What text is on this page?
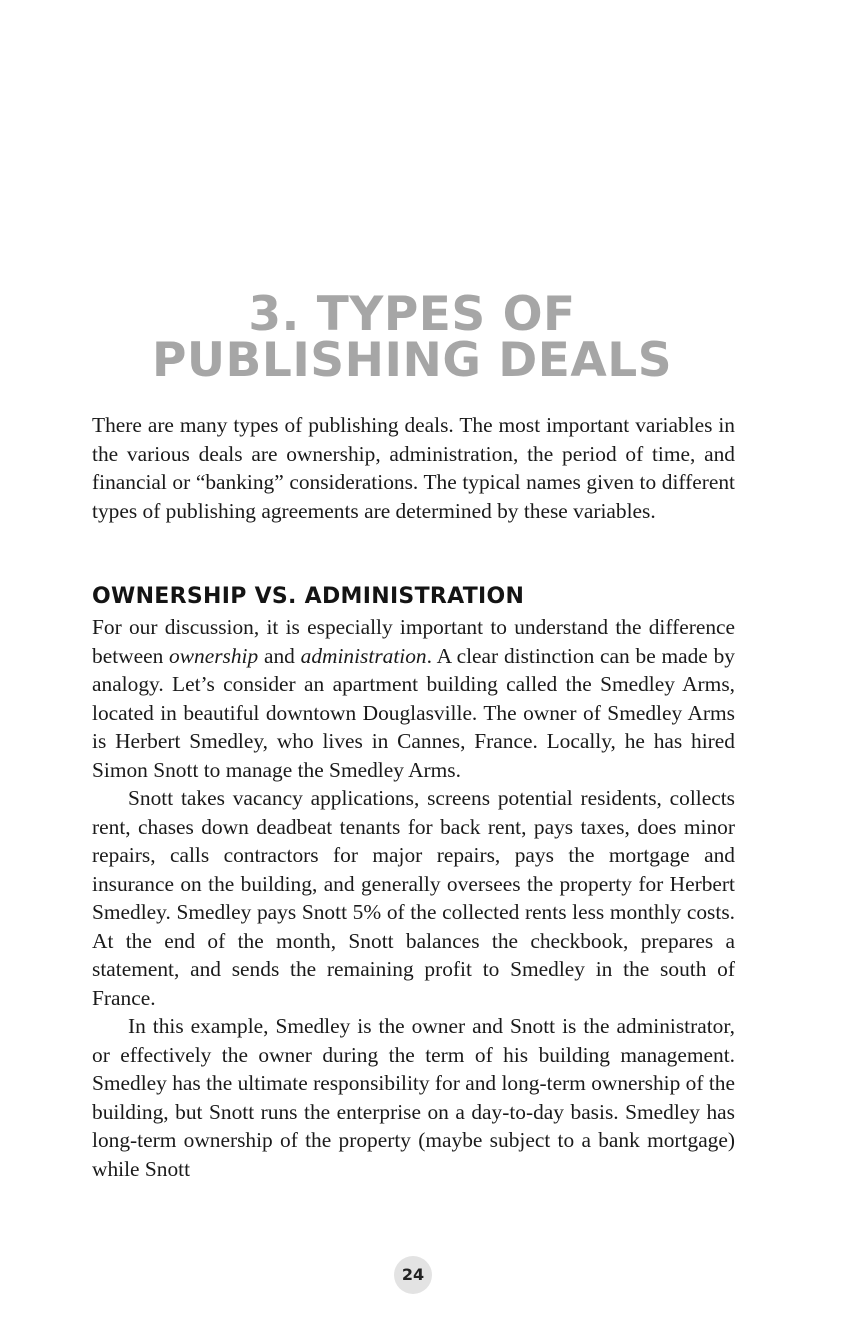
3. TYPES OF
PUBLISHING DEALS

There are many types of publishing deals. The most important variables in the various deals are ownership, administration, the period of time, and financial or “banking” considerations. The typical names given to different types of publishing agreements are determined by these variables.

OWNERSHIP VS. ADMINISTRATION

For our discussion, it is especially important to understand the difference between ownership and administration. A clear distinction can be made by analogy. Let’s consider an apartment building called the Smedley Arms, located in beautiful downtown Douglasville. The owner of Smedley Arms is Herbert Smedley, who lives in Cannes, France. Locally, he has hired Simon Snott to manage the Smedley Arms.

Snott takes vacancy applications, screens potential residents, collects rent, chases down deadbeat tenants for back rent, pays taxes, does minor repairs, calls contractors for major repairs, pays the mortgage and insurance on the building, and generally oversees the property for Herbert Smedley. Smedley pays Snott 5% of the collected rents less monthly costs. At the end of the month, Snott balances the checkbook, prepares a statement, and sends the remaining profit to Smedley in the south of France.

In this example, Smedley is the owner and Snott is the administrator, or effectively the owner during the term of his building management. Smedley has the ultimate responsibility for and long-term ownership of the building, but Snott runs the enterprise on a day-to-day basis. Smedley has long-term ownership of the property (maybe subject to a bank mortgage) while Snott

24
